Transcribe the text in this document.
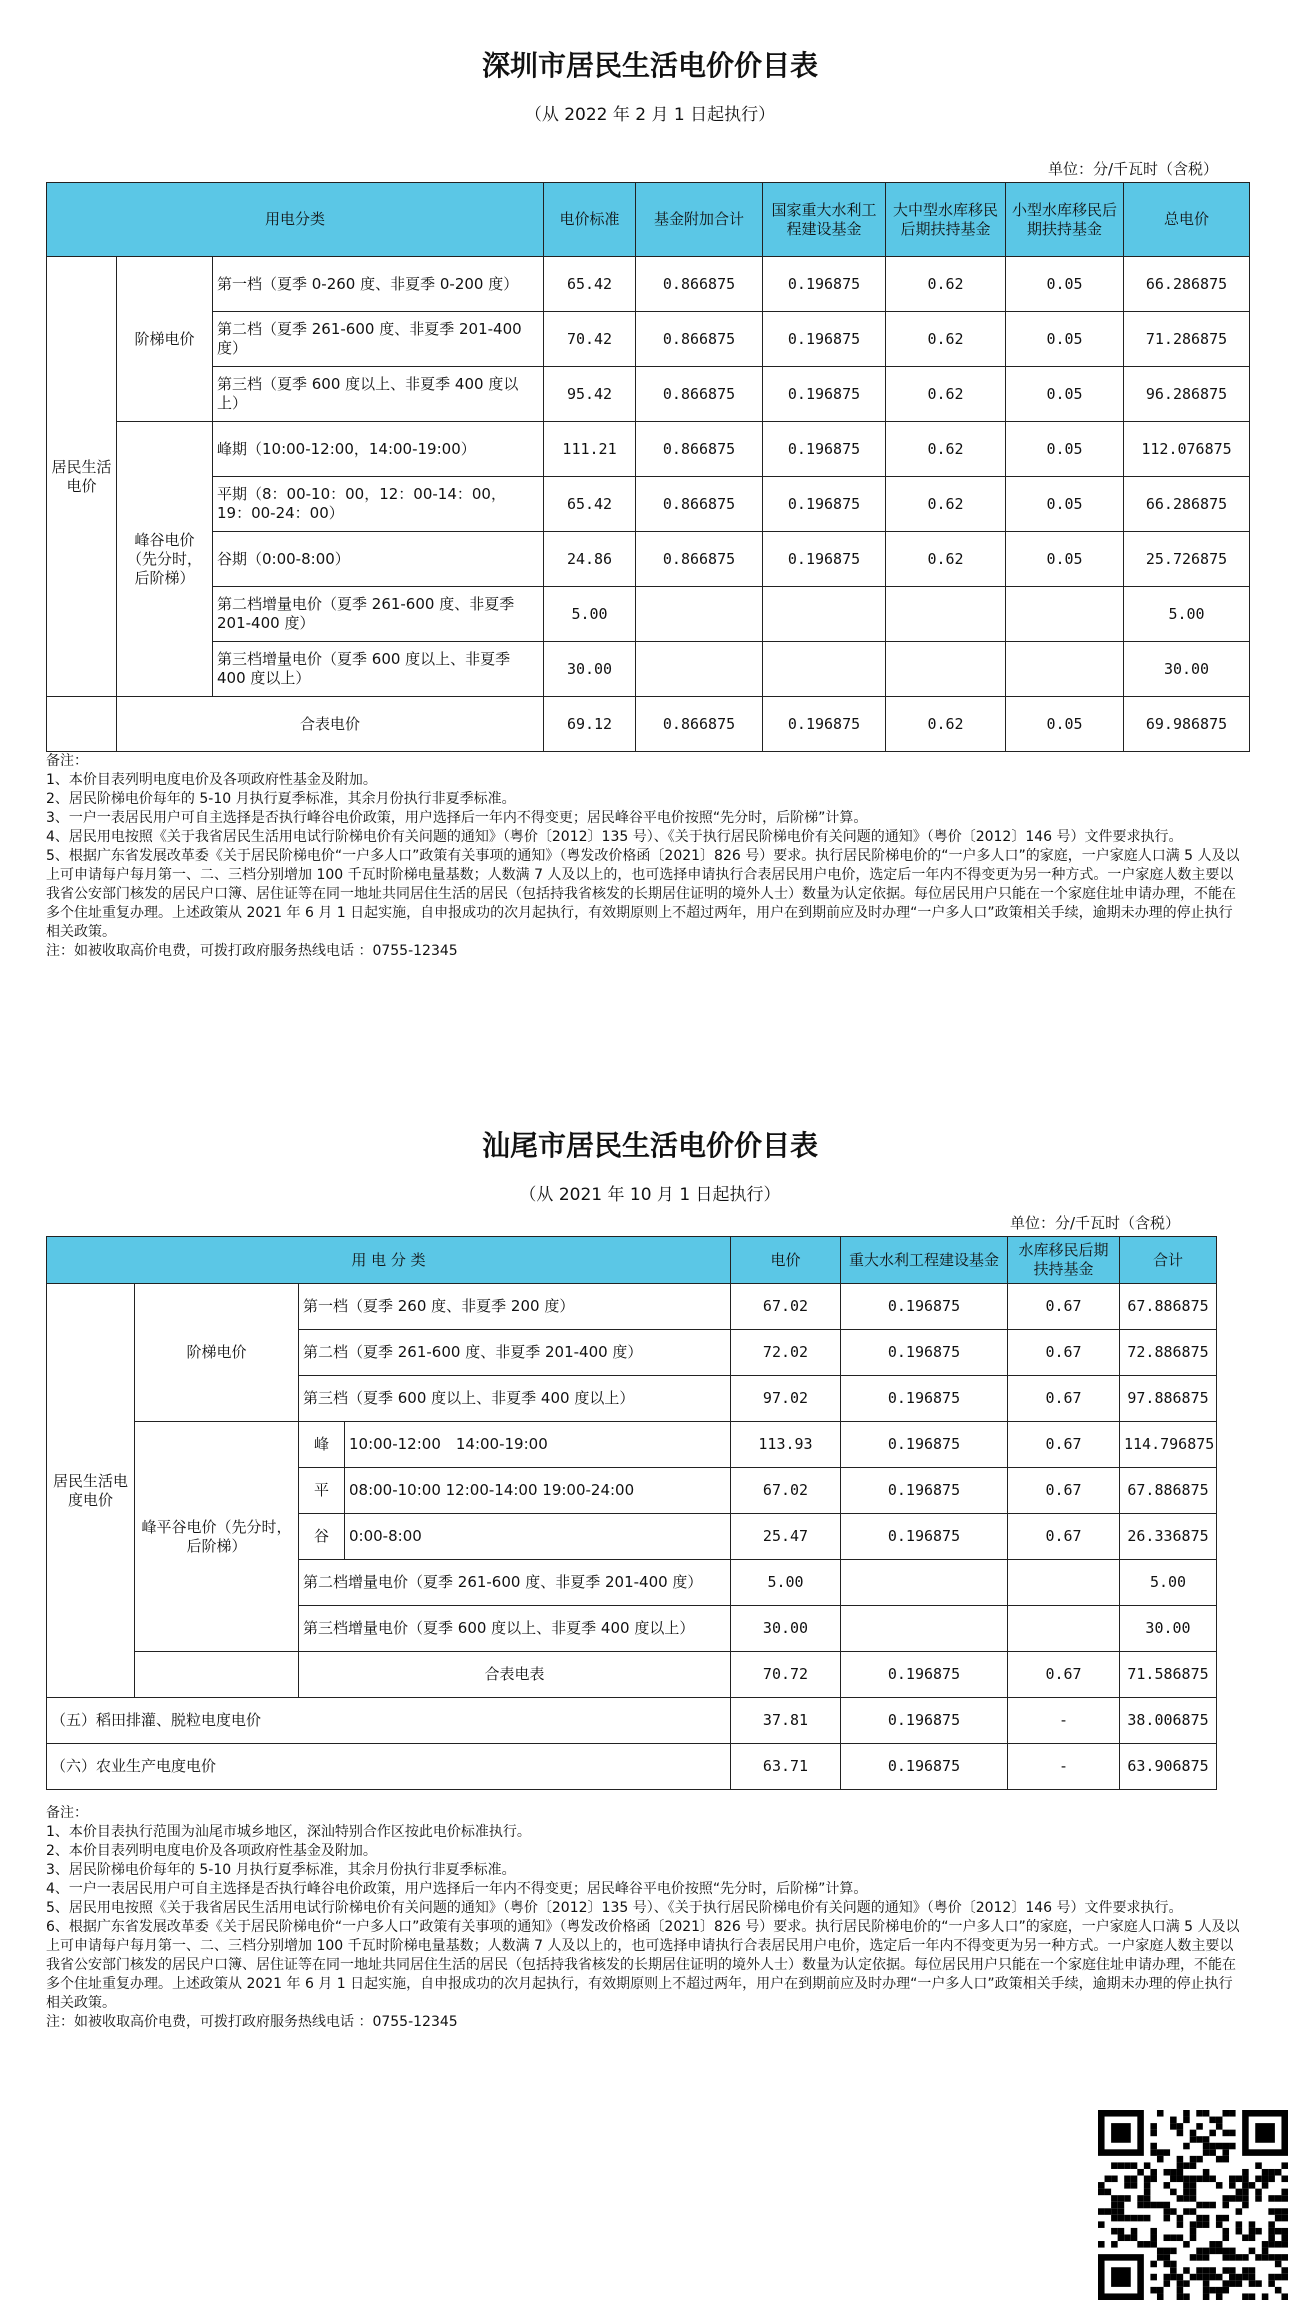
深圳市居民生活电价价目表
（从 2022 年 2 月 1 日起执行）
单位：分/千瓦时（含税）
用电分类			电价标准	基金附加合计	国家重大水利工程建设基金	大中型水库移民后期扶持基金	小型水库移民后期扶持基金	总电价
居民生活电价	阶梯电价	第一档（夏季 0-260 度、非夏季 0-200 度）	65.42	0.866875	0.196875	0.62	0.05	66.286875
		第二档（夏季 261-600 度、非夏季 201-400 度）	70.42	0.866875	0.196875	0.62	0.05	71.286875
		第三档（夏季 600 度以上、非夏季 400 度以上）	95.42	0.866875	0.196875	0.62	0.05	96.286875
	峰谷电价（先分时，后阶梯）	峰期（10:00-12:00，14:00-19:00）	111.21	0.866875	0.196875	0.62	0.05	112.076875
		平期（8：00-10：00，12：00-14：00，19：00-24：00）	65.42	0.866875	0.196875	0.62	0.05	66.286875
		谷期（0:00-8:00）	24.86	0.866875	0.196875	0.62	0.05	25.726875
		第二档增量电价（夏季 261-600 度、非夏季 201-400 度）	5.00					5.00
		第三档增量电价（夏季 600 度以上、非夏季 400 度以上）	30.00					30.00
	合表电价		69.12	0.866875	0.196875	0.62	0.05	69.986875
备注：
1、本价目表列明电度电价及各项政府性基金及附加。
2、居民阶梯电价每年的 5-10 月执行夏季标准，其余月份执行非夏季标准。
3、一户一表居民用户可自主选择是否执行峰谷电价政策，用户选择后一年内不得变更；居民峰谷平电价按照“先分时，后阶梯”计算。
4、居民用电按照《关于我省居民生活用电试行阶梯电价有关问题的通知》（粤价〔2012〕135 号）、《关于执行居民阶梯电价有关问题的通知》（粤价〔2012〕146 号）文件要求执行。
5、根据广东省发展改革委《关于居民阶梯电价“一户多人口”政策有关事项的通知》（粤发改价格函〔2021〕826 号）要求。执行居民阶梯电价的“一户多人口”的家庭，一户家庭人口满 5 人及以上可申请每户每月第一、二、三档分别增加 100 千瓦时阶梯电量基数；人数满 7 人及以上的，也可选择申请执行合表居民用户电价，选定后一年内不得变更为另一种方式。一户家庭人数主要以我省公安部门核发的居民户口簿、居住证等在同一地址共同居住生活的居民（包括持我省核发的长期居住证明的境外人士）数量为认定依据。每位居民用户只能在一个家庭住址申请办理，不能在多个住址重复办理。上述政策从 2021 年 6 月 1 日起实施，自申报成功的次月起执行，有效期原则上不超过两年，用户在到期前应及时办理“一户多人口”政策相关手续，逾期未办理的停止执行相关政策。
注：如被收取高价电费，可拨打政府服务热线电话 ：0755-12345
汕尾市居民生活电价价目表
（从 2021 年 10 月 1 日起执行）
单位：分/千瓦时（含税）
用 电 分 类				电价	重大水利工程建设基金	水库移民后期扶持基金	合计
居民生活电度电价	阶梯电价	第一档（夏季 260 度、非夏季 200 度）		67.02	0.196875	0.67	67.886875
		第二档（夏季 261-600 度、非夏季 201-400 度）		72.02	0.196875	0.67	72.886875
		第三档（夏季 600 度以上、非夏季 400 度以上）		97.02	0.196875	0.67	97.886875
	峰平谷电价（先分时，后阶梯）	峰	10:00-12:00　14:00-19:00	113.93	0.196875	0.67	114.796875
		平	08:00-10:00 12:00-14:00 19:00-24:00	67.02	0.196875	0.67	67.886875
		谷	0:00-8:00	25.47	0.196875	0.67	26.336875
		第二档增量电价（夏季 261-600 度、非夏季 201-400 度）		5.00			5.00
		第三档增量电价（夏季 600 度以上、非夏季 400 度以上）		30.00			30.00
		合表电表		70.72	0.196875	0.67	71.586875
（五）稻田排灌、脱粒电度电价				37.81	0.196875	-	38.006875
（六）农业生产电度电价				63.71	0.196875	-	63.906875
备注：
1、本价目表执行范围为汕尾市城乡地区，深汕特别合作区按此电价标准执行。
2、本价目表列明电度电价及各项政府性基金及附加。
3、居民阶梯电价每年的 5-10 月执行夏季标准，其余月份执行非夏季标准。
4、一户一表居民用户可自主选择是否执行峰谷电价政策，用户选择后一年内不得变更；居民峰谷平电价按照“先分时，后阶梯”计算。
5、居民用电按照《关于我省居民生活用电试行阶梯电价有关问题的通知》（粤价〔2012〕135 号）、《关于执行居民阶梯电价有关问题的通知》（粤价〔2012〕146 号）文件要求执行。
6、根据广东省发展改革委《关于居民阶梯电价“一户多人口”政策有关事项的通知》（粤发改价格函〔2021〕826 号）要求。执行居民阶梯电价的“一户多人口”的家庭，一户家庭人口满 5 人及以上可申请每户每月第一、二、三档分别增加 100 千瓦时阶梯电量基数；人数满 7 人及以上的，也可选择申请执行合表居民用户电价，选定后一年内不得变更为另一种方式。一户家庭人数主要以我省公安部门核发的居民户口簿、居住证等在同一地址共同居住生活的居民（包括持我省核发的长期居住证明的境外人士）数量为认定依据。每位居民用户只能在一个家庭住址申请办理，不能在多个住址重复办理。上述政策从 2021 年 6 月 1 日起实施，自申报成功的次月起执行，有效期原则上不超过两年，用户在到期前应及时办理“一户多人口”政策相关手续，逾期未办理的停止执行相关政策。
注：如被收取高价电费，可拨打政府服务热线电话 ：0755-12345
